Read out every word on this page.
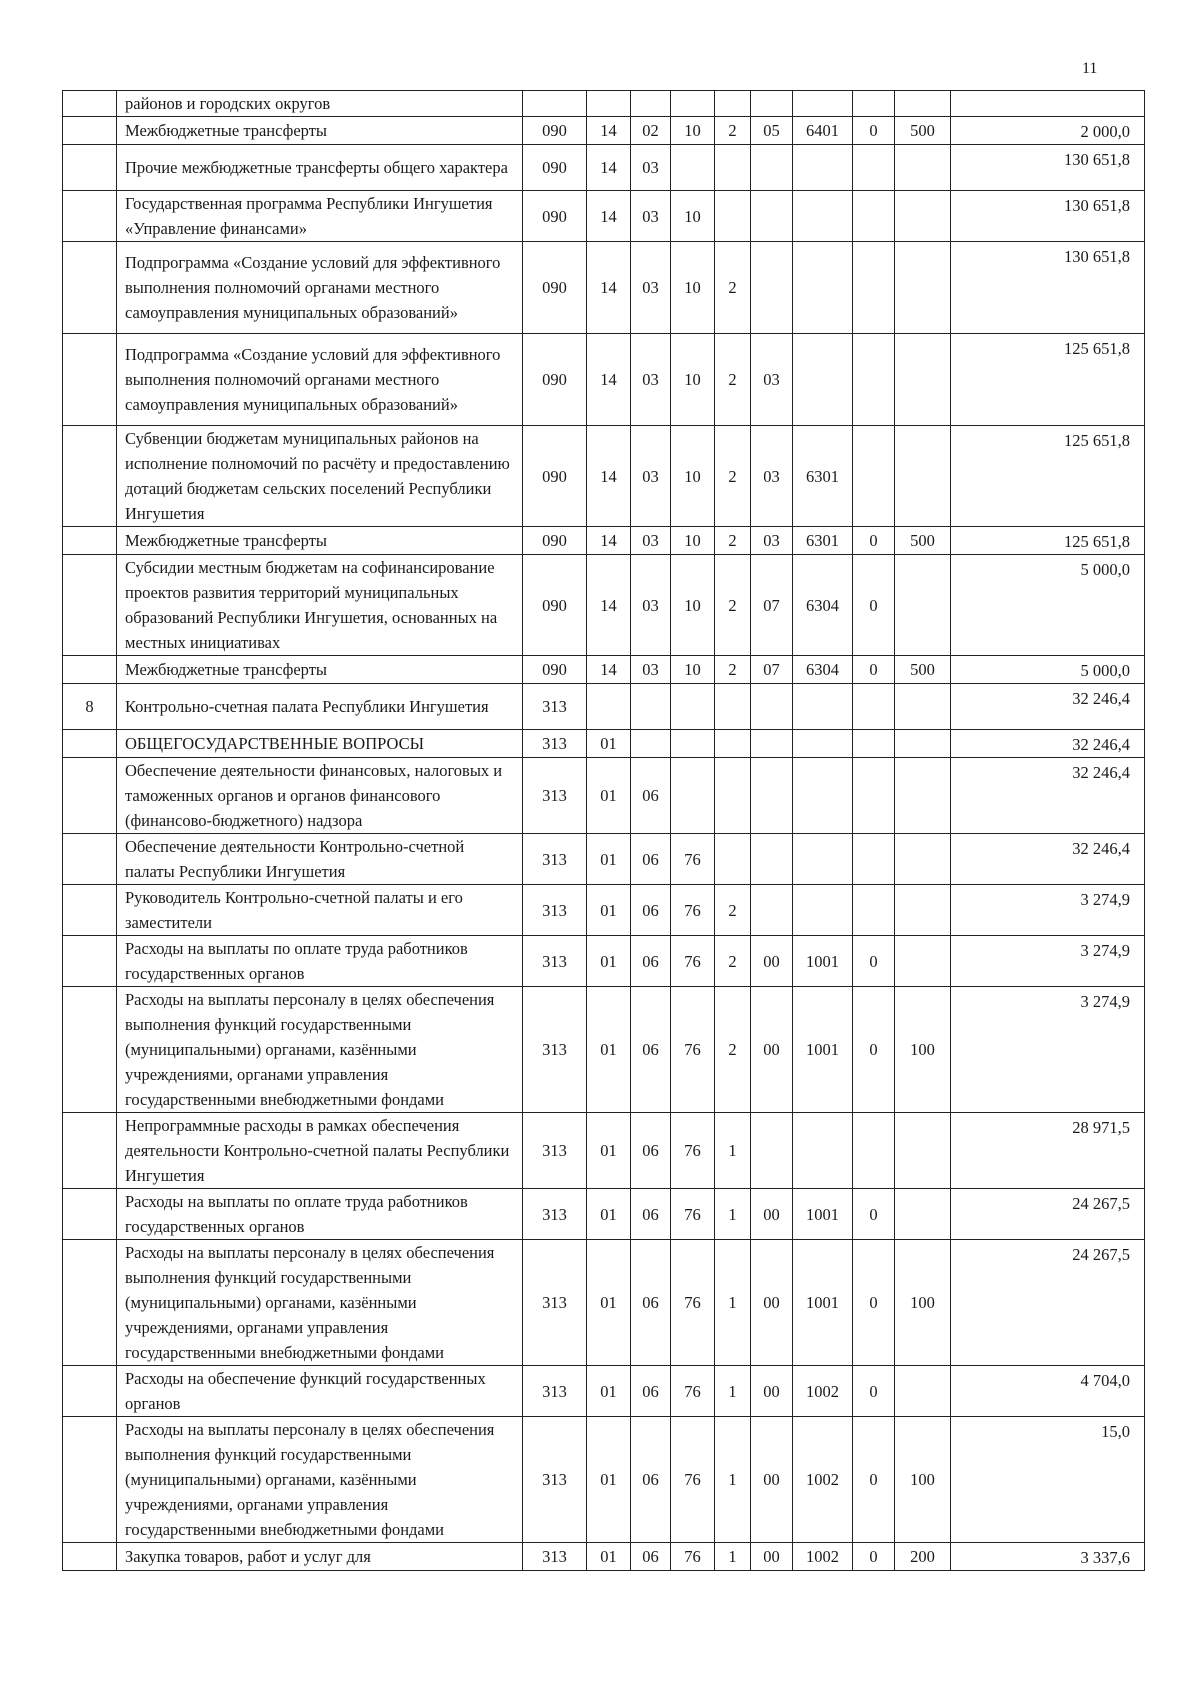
11
	районов и городских округов										
	Межбюджетные трансферты	090	14	02	10	2	05	6401	0	500	2 000,0
	Прочие межбюджетные трансферты общего характера	090	14	03							130 651,8
	Государственная программа Республики Ингушетия «Управление финансами»	090	14	03	10						130 651,8
	Подпрограмма «Создание условий для эффективного выполнения полномочий органами местного самоуправления муниципальных образований»	090	14	03	10	2					130 651,8
	Подпрограмма «Создание условий для эффективного выполнения полномочий органами местного самоуправления муниципальных образований»	090	14	03	10	2	03				125 651,8
	Субвенции бюджетам муниципальных районов на исполнение полномочий по расчёту и предоставлению дотаций бюджетам сельских поселений Республики Ингушетия	090	14	03	10	2	03	6301			125 651,8
	Межбюджетные трансферты	090	14	03	10	2	03	6301	0	500	125 651,8
	Субсидии местным бюджетам на софинансирование проектов развития территорий муниципальных образований Республики Ингушетия, основанных на местных инициативах	090	14	03	10	2	07	6304	0		5 000,0
	Межбюджетные трансферты	090	14	03	10	2	07	6304	0	500	5 000,0
8	Контрольно-счетная палата Республики Ингушетия	313									32 246,4
	ОБЩЕГОСУДАРСТВЕННЫЕ ВОПРОСЫ	313	01								32 246,4
	Обеспечение деятельности финансовых, налоговых и таможенных органов и органов финансового (финансово-бюджетного) надзора	313	01	06							32 246,4
	Обеспечение деятельности Контрольно-счетной палаты Республики Ингушетия	313	01	06	76						32 246,4
	Руководитель Контрольно-счетной палаты и его заместители	313	01	06	76	2					3 274,9
	Расходы на выплаты по оплате труда работников государственных органов	313	01	06	76	2	00	1001	0		3 274,9
	Расходы на выплаты персоналу в целях обеспечения выполнения функций государственными (муниципальными) органами, казёнными учреждениями, органами управления государственными внебюджетными фондами	313	01	06	76	2	00	1001	0	100	3 274,9
	Непрограммные расходы в рамках обеспечения деятельности Контрольно-счетной палаты Республики Ингушетия	313	01	06	76	1					28 971,5
	Расходы на выплаты по оплате труда работников государственных органов	313	01	06	76	1	00	1001	0		24 267,5
	Расходы на выплаты персоналу в целях обеспечения выполнения функций государственными (муниципальными) органами, казёнными учреждениями, органами управления государственными внебюджетными фондами	313	01	06	76	1	00	1001	0	100	24 267,5
	Расходы на обеспечение функций государственных органов	313	01	06	76	1	00	1002	0		4 704,0
	Расходы на выплаты персоналу в целях обеспечения выполнения функций государственными (муниципальными) органами, казёнными учреждениями, органами управления государственными внебюджетными фондами	313	01	06	76	1	00	1002	0	100	15,0
	Закупка товаров, работ и услуг для	313	01	06	76	1	00	1002	0	200	3 337,6
